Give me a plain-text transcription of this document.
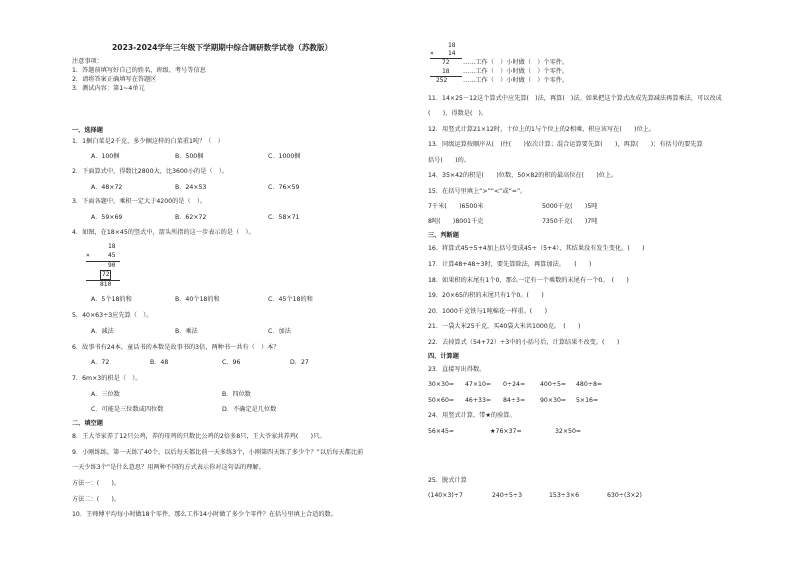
2023-2024学年三年级下学期期中综合调研数学试卷（苏教版）
注意事项：
1．答题前填写好自己的姓名、班级、考号等信息
2．请将答案正确填写在答题区
3．测试内容：第1~4单元
一、选择题
1．1捆白菜是2千克，多少捆这样的白菜重1吨？（　）
A．100捆	B．500捆	C．1000捆
2．下面算式中，得数比2800大，比3600小的是（　）。
A．48×72	B．24×53	C．76×59
3．下面各题中，乘积一定大于4200的是（　）。
A．59×69	B．62×72	C．58×71
4．如图，在18×45的竖式中，箭头所指的这一步表示的是（　）。
18
×	45
90
72
810
A．5个18的和	B．40个18的和	C．45个18的和
5．40×63÷3应先算（　）。
A．减法	B．乘法	C．加法
6．故事书有24本，童话书的本数是故事书的3倍，两种书一共有（　）本？
A．72	B．48	C．96	D．27
7．6m×3的积是（　）。
A．三位数	B．四位数
C．可能是三位数或四位数	D．不确定是几位数
二、填空题
8．王大爷家养了12只公鸡，养的母鸡的只数比公鸡的2倍多8只，王大爷家共养鸡(　　)只。
9．小刚练练。第一天练了40个，以后每天都比前一天多练3个，小刚第四天练了多少个？”以后每天都比前
一天少练3个”是什么意思？用两种不同的方式表示你对这句话的理解。
方法一：(　　)。
方法二：(　　)。
10．王师傅平均每小时做18个零件，那么工作14小时做了多少个零件？在括号里填上合适的数。
18
× 14
72 ……工作（　）小时做（　）个零件。
18 ……工作（　）小时做（　）个零件。
252	……工作（　）小时做（　）个零件。
11．14×25－12这个算式中应先算(　)法，再算(　)法。如果把这个算式改成先算减法再算乘法，可以改成
(　　)，得数是(　)。
12．用竖式计算21×12时，十位上的1与个位上的2相乘，积应该写在(　　)位上。
13．同级运算按顺序从(　)往(　　)依次计算；混合运算要先算(　　)，再算(　　)；有括号的要先算
括号(　　)的。
14．35×42的积是(　　)位数，50×82的积的最高位在(　　)位上。
15．在括号里填上“>”“<”或“=”。
7千米(　　)6500米	5000千克(　　)5吨
8吨(　　)8001千克	7350千克(　　)7吨
三、判断题
16．将算式45÷5+4加上括号变成45÷（5+4），其结果没有发生变化。(　　)
17．计算48+48÷3时，要先算除法，再算加法。　　(　　)
18．如果积的末尾有1个0，那么一定有一个乘数的末尾有一个0。　(　　)
19．20×65的积的末尾只有1个0。(　　)
20．1000千克铁与1吨棉花一样重。(　　)
21．一袋大米25千克，买40袋大米共1000克。　(　　)
22．去掉算式（54+72）÷3中的小括号后，计算结果不改变。(　　)
四、计算题
23．直接写出得数。
30×30= 47×10= 0÷24= 400÷5= 480÷8=
50×60= 46+33= 84÷3= 90×30= 5×16=
24．用竖式计算，带★的验算。
56×45=	★76×37=	32×50=
25．脱式计算
(140×3)÷7	240÷5÷3	153÷3×6	630÷(3×2)
